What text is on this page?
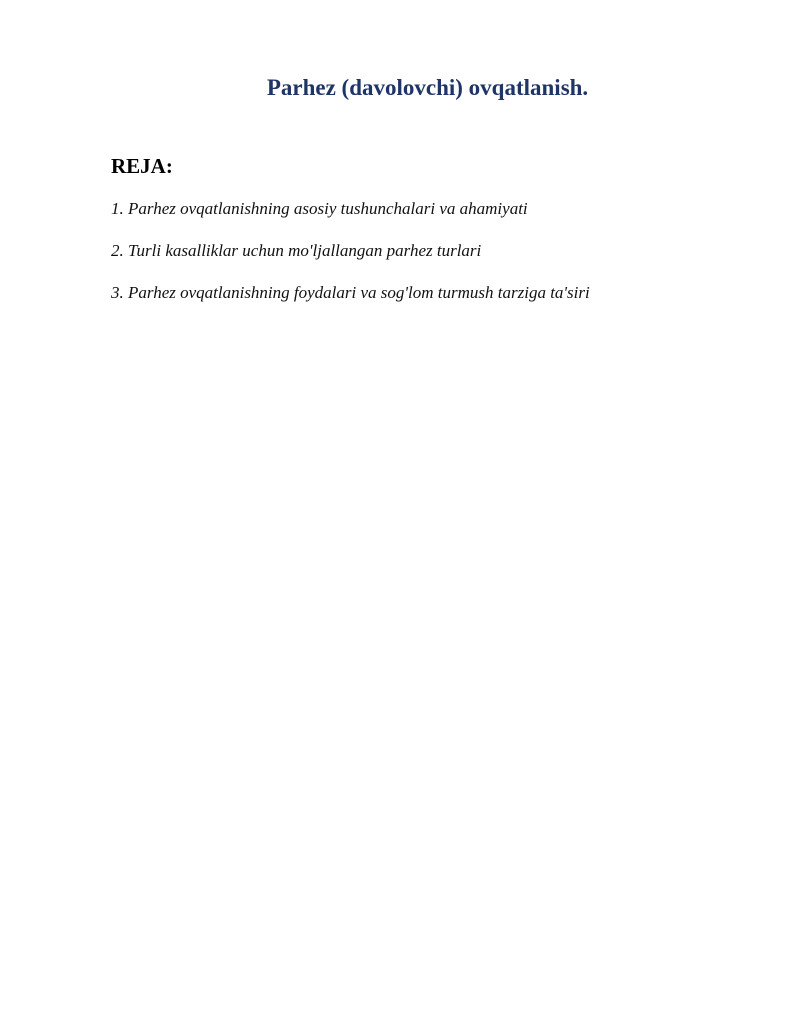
Parhez (davolovchi) ovqatlanish.
REJA:
1. Parhez ovqatlanishning asosiy tushunchalari va ahamiyati
2. Turli kasalliklar uchun mo'ljallangan parhez turlari
3. Parhez ovqatlanishning foydalari va sog'lom turmush tarziga ta'siri
